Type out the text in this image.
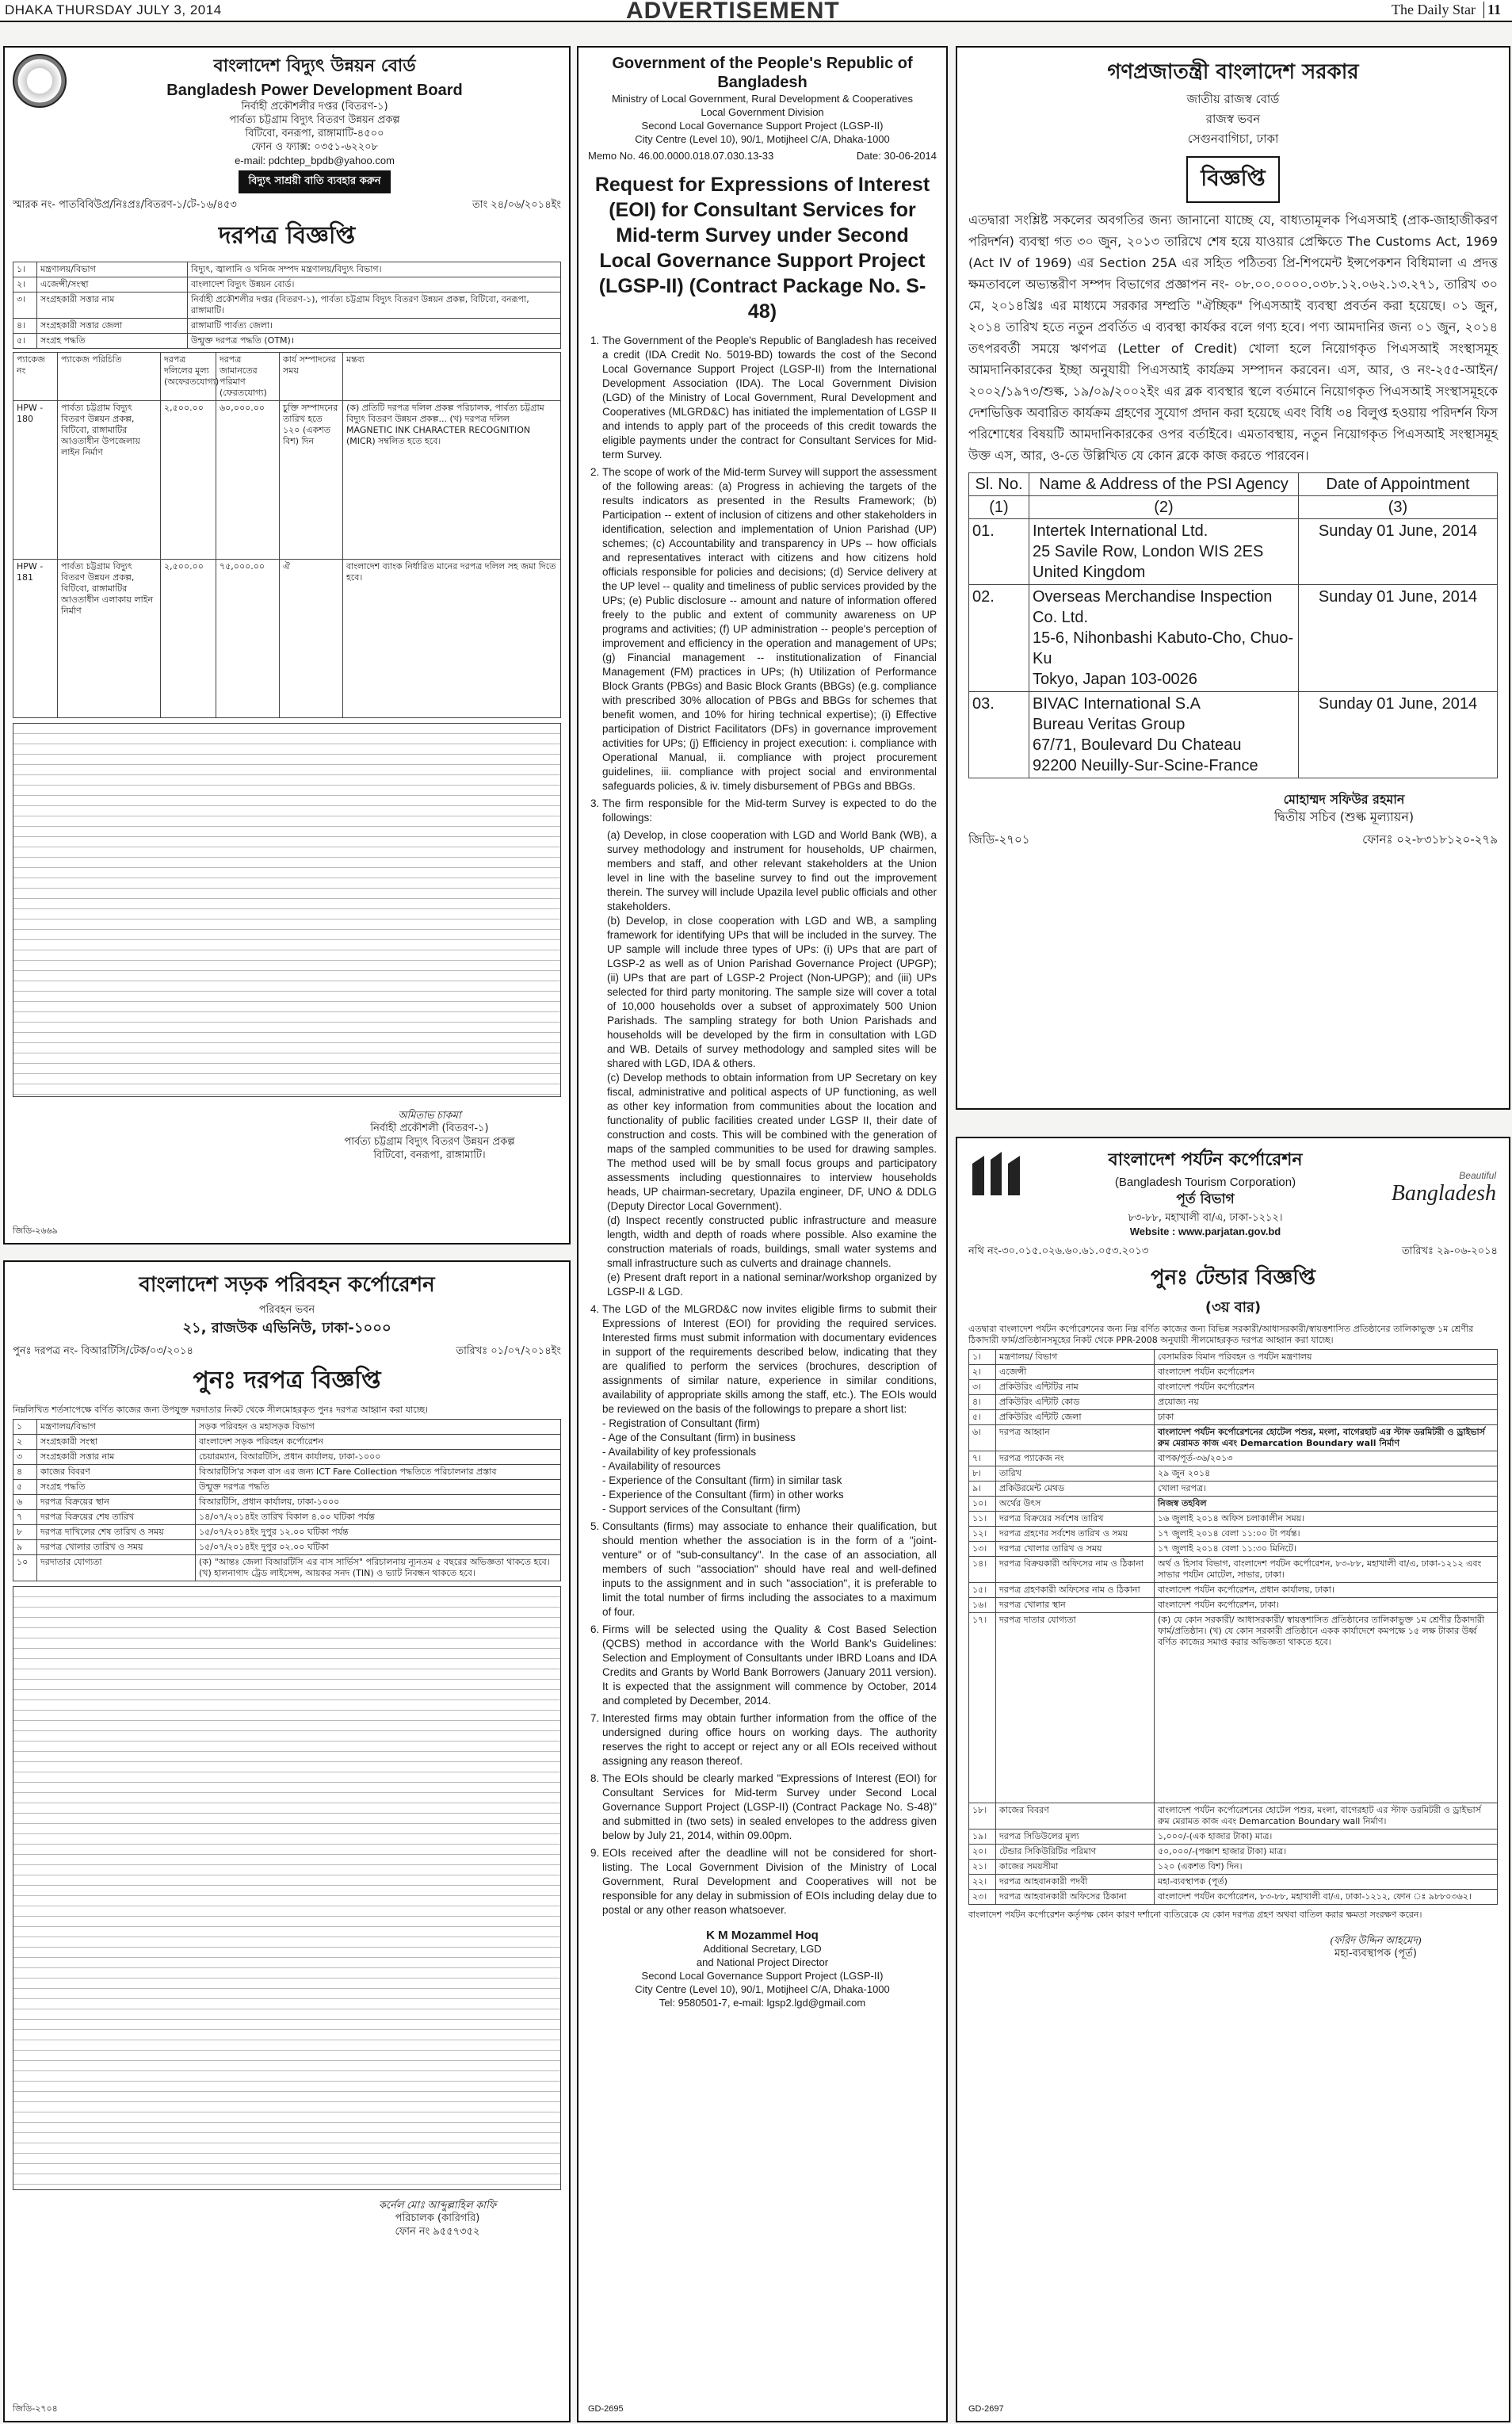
DHAKA THURSDAY JULY 3, 2014	ADVERTISEMENT	The Daily Star 11
বাংলাদেশ বিদ্যুৎ উন্নয়ন বোর্ড
Bangladesh Power Development Board
নির্বাহী প্রকৌশলীর দপ্তর (বিতরণ-১)
পার্বত্য চট্টগ্রাম বিদ্যুৎ বিতরণ উন্নয়ন প্রকল্প
বিটিবো, বনরূপা, রাঙ্গামাটি-৪৫০০
ফোন ও ফ্যাক্স: ০৩৫১-৬২২০৮
e-mail: pdchtep_bpdb@yahoo.com
বিদ্যুৎ সাশ্রয়ী বাতি ব্যবহার করুন
স্মারক নং- পাতবিবিউপ্র/নিঃপ্রঃ/বিতরণ-১/টে-১৬/৪৫৩	তাং ২৪/০৬/২০১৪ইং
দরপত্র বিজ্ঞপ্তি
১।	মন্ত্রণালয়/বিভাগ	বিদ্যুৎ, জ্বালানি ও খনিজ সম্পদ মন্ত্রণালয়/বিদ্যুৎ বিভাগ।
২।	এজেন্সী/সংস্থা	বাংলাদেশ বিদ্যুৎ উন্নয়ন বোর্ড।
৩।	সংগ্রহকারী সত্তার নাম	নির্বাহী প্রকৌশলীর দপ্তর (বিতরণ-১), পার্বত্য চট্টগ্রাম বিদ্যুৎ বিতরণ উন্নয়ন প্রকল্প, বিটিবো, বনরূপা, রাঙ্গামাটি।
৪।	সংগ্রহকারী সত্তার জেলা	রাঙ্গামাটি পার্বত্য জেলা।
৫।	সংগ্রহ পদ্ধতি	উন্মুক্ত দরপত্র পদ্ধতি (OTM)।
প্যাকেজ নং	প্যাকেজ পরিচিতি	দরপত্র দলিলের মূল্য (অফেরতযোগ্য)	দরপত্র জামানতের পরিমাণ (ফেরতযোগ্য)	কার্য সম্পাদনের সময়	মন্তব্য
HPW - 180	পার্বত্য চট্টগ্রাম বিদ্যুৎ বিতরণ উন্নয়ন প্রকল্প, বিটিবো, রাঙ্গামাটির আওতাধীন উপজেলায় লাইন নির্মাণ	২,৫০০.০০	৬০,০০০.০০	চুক্তি সম্পাদনের তারিখ হতে ১২০ (একশত বিশ) দিন	(ক) প্রতিটি দরপত্র দলিল প্রকল্প পরিচালক, পার্বত্য চট্টগ্রাম বিদ্যুৎ বিতরণ উন্নয়ন প্রকল্প... (খ) দরপত্র দলিল MAGNETIC INK CHARACTER RECOGNITION (MICR) সম্বলিত হতে হবে।
HPW - 181	পার্বত্য চট্টগ্রাম বিদ্যুৎ বিতরণ উন্নয়ন প্রকল্প, বিটিবো, রাঙ্গামাটির আওতাধীন এলাকায় লাইন নির্মাণ	২,৫০০.০০	৭৫,০০০.০০	ঐ	বাংলাদেশ ব্যাংক নির্ধারিত মানের দরপত্র দলিল সহ জমা দিতে হবে।
অমিতাভ চাকমা
নির্বাহী প্রকৌশলী (বিতরণ-১)
পার্বত্য চট্টগ্রাম বিদ্যুৎ বিতরণ উন্নয়ন প্রকল্প
বিটিবো, বনরূপা, রাঙ্গামাটি।
জিডি-২৬৬৯
বাংলাদেশ সড়ক পরিবহন কর্পোরেশন
পরিবহন ভবন
২১, রাজউক এভিনিউ, ঢাকা-১০০০
পুনঃ দরপত্র নং- বিআরটিসি/টেক/০৩/২০১৪	তারিখঃ ০১/০৭/২০১৪ইং
পুনঃ দরপত্র বিজ্ঞপ্তি
নিম্নলিখিত শর্তসাপেক্ষে বর্ণিত কাজের জন্য উপযুক্ত দরদাতার নিকট থেকে সীলমোহরকৃত পুনঃ দরপত্র আহ্বান করা যাচ্ছে।
১	মন্ত্রণালয়/বিভাগ	সড়ক পরিবহন ও মহাসড়ক বিভাগ
২	সংগ্রহকারী সংস্থা	বাংলাদেশ সড়ক পরিবহন কর্পোরেশন
৩	সংগ্রহকারী সত্তার নাম	চেয়ারম্যান, বিআরটিসি, প্রধান কার্যালয়, ঢাকা-১০০০
৪	কাজের বিবরণ	বিআরটিসি'র সকল বাস এর জন্য ICT Fare Collection পদ্ধতিতে পরিচালনার প্রস্তাব
৫	সংগ্রহ পদ্ধতি	উন্মুক্ত দরপত্র পদ্ধতি
৬	দরপত্র বিক্রয়ের স্থান	বিআরটিসি, প্রধান কার্যালয়, ঢাকা-১০০০
৭	দরপত্র বিক্রয়ের শেষ তারিখ	১৪/০৭/২০১৪ইং তারিখ বিকাল ৪.০০ ঘটিকা পর্যন্ত
৮	দরপত্র দাখিলের শেষ তারিখ ও সময়	১৫/০৭/২০১৪ইং দুপুর ১২.০০ ঘটিকা পর্যন্ত
৯	দরপত্র খোলার তারিখ ও সময়	১৫/০৭/২০১৪ইং দুপুর ০২.০০ ঘটিকা
১০	দরদাতার যোগ্যতা	(ক) "আন্তঃ জেলা বিআরটিসি এর বাস সার্ভিস" পরিচালনায় ন্যূনতম ৫ বছরের অভিজ্ঞতা থাকতে হবে। (খ) হালনাগাদ ট্রেড লাইসেন্স, আয়কর সনদ (TIN) ও ভ্যাট নিবন্ধন থাকতে হবে।
কর্নেল মোঃ আব্দুল্লাহিল কাফি
পরিচালক (কারিগরি)
ফোন নং ৯৫৫৭৩৫২
জিডি-২৭০৪
Government of the People's Republic of Bangladesh
Ministry of Local Government, Rural Development & Cooperatives
Local Government Division
Second Local Governance Support Project (LGSP-II)
City Centre (Level 10), 90/1, Motijheel C/A, Dhaka-1000
Memo No. 46.00.0000.018.07.030.13-33	Date: 30-06-2014
Request for Expressions of Interest (EOI) for Consultant Services for Mid-term Survey under Second Local Governance Support Project (LGSP-II) (Contract Package No. S-48)
1. The Government of the People's Republic of Bangladesh has received a credit (IDA Credit No. 5019-BD) towards the cost of the Second Local Governance Support Project (LGSP-II) from the International Development Association (IDA). The Local Government Division (LGD) of the Ministry of Local Government, Rural Development and Cooperatives (MLGRD&C) has initiated the implementation of LGSP II and intends to apply part of the proceeds of this credit towards the eligible payments under the contract for Consultant Services for Mid-term Survey.
2. The scope of work of the Mid-term Survey will support the assessment of the following areas: (a) Progress in achieving the targets of the results indicators as presented in the Results Framework; (b) Participation -- extent of inclusion of citizens and other stakeholders in identification, selection and implementation of Union Parishad (UP) schemes; (c) Accountability and transparency in UPs -- how officials and representatives interact with citizens and how citizens hold officials responsible for policies and decisions; (d) Service delivery at the UP level -- quality and timeliness of public services provided by the UPs; (e) Public disclosure -- amount and nature of information offered freely to the public and extent of community awareness on UP programs and activities; (f) UP administration -- people's perception of improvement and efficiency in the operation and management of UPs; (g) Financial management -- institutionalization of Financial Management (FM) practices in UPs; (h) Utilization of Performance Block Grants (PBGs) and Basic Block Grants (BBGs) (e.g. compliance with prescribed 30% allocation of PBGs and BBGs for schemes that benefit women, and 10% for hiring technical expertise); (i) Effective participation of District Facilitators (DFs) in governance improvement activities for UPs; (j) Efficiency in project execution: i. compliance with Operational Manual, ii. compliance with project procurement guidelines, iii. compliance with project social and environmental safeguards policies, & iv. timely disbursement of PBGs and BBGs.
3. The firm responsible for the Mid-term Survey is expected to do the followings:
(a) Develop, in close cooperation with LGD and World Bank (WB), a survey methodology and instrument for households, UP chairmen, members and staff, and other relevant stakeholders at the Union level in line with the baseline survey to find out the improvement therein. The survey will include Upazila level public officials and other stakeholders.
(b) Develop, in close cooperation with LGD and WB, a sampling framework for identifying UPs that will be included in the survey. The UP sample will include three types of UPs: (i) UPs that are part of LGSP-2 as well as of Union Parishad Governance Project (UPGP); (ii) UPs that are part of LGSP-2 Project (Non-UPGP); and (iii) UPs selected for third party monitoring. The sample size will cover a total of 10,000 households over a subset of approximately 500 Union Parishads. The sampling strategy for both Union Parishads and households will be developed by the firm in consultation with LGD and WB. Details of survey methodology and sampled sites will be shared with LGD, IDA & others.
(c) Develop methods to obtain information from UP Secretary on key fiscal, administrative and political aspects of UP functioning, as well as other key information from communities about the location and functionality of public facilities created under LGSP II, their date of construction and costs. This will be combined with the generation of maps of the sampled communities to be used for drawing samples. The method used will be by small focus groups and participatory assessments including questionnaires to interview households heads, UP chairman-secretary, Upazila engineer, DF, UNO & DDLG (Deputy Director Local Government).
(d) Inspect recently constructed public infrastructure and measure length, width and depth of roads where possible. Also examine the construction materials of roads, buildings, small water systems and small infrastructure such as culverts and drainage channels.
(e) Present draft report in a national seminar/workshop organized by LGSP-II & LGD.
4. The LGD of the MLGRD&C now invites eligible firms to submit their Expressions of Interest (EOI) for providing the required services. Interested firms must submit information with documentary evidences in support of the requirements described below, indicating that they are qualified to perform the services (brochures, description of assignments of similar nature, experience in similar conditions, availability of appropriate skills among the staff, etc.). The EOIs would be reviewed on the basis of the followings to prepare a short list:
- Registration of Consultant (firm)
- Age of the Consultant (firm) in business
- Availability of key professionals
- Availability of resources
- Experience of the Consultant (firm) in similar task
- Experience of the Consultant (firm) in other works
- Support services of the Consultant (firm)
5. Consultants (firms) may associate to enhance their qualification, but should mention whether the association is in the form of a "joint-venture" or of "sub-consultancy". In the case of an association, all members of such "association" should have real and well-defined inputs to the assignment and in such "association", it is preferable to limit the total number of firms including the associates to a maximum of four.
6. Firms will be selected using the Quality & Cost Based Selection (QCBS) method in accordance with the World Bank's Guidelines: Selection and Employment of Consultants under IBRD Loans and IDA Credits and Grants by World Bank Borrowers (January 2011 version). It is expected that the assignment will commence by October, 2014 and completed by December, 2014.
7. Interested firms may obtain further information from the office of the undersigned during office hours on working days. The authority reserves the right to accept or reject any or all EOIs received without assigning any reason thereof.
8. The EOIs should be clearly marked "Expressions of Interest (EOI) for Consultant Services for Mid-term Survey under Second Local Governance Support Project (LGSP-II) (Contract Package No. S-48)" and submitted in (two sets) in sealed envelopes to the address given below by July 21, 2014, within 09.00pm.
9. EOIs received after the deadline will not be considered for short-listing. The Local Government Division of the Ministry of Local Government, Rural Development and Cooperatives will not be responsible for any delay in submission of EOIs including delay due to postal or any other reason whatsoever.
K M Mozammel Hoq
Additional Secretary, LGD
and National Project Director
Second Local Governance Support Project (LGSP-II)
City Centre (Level 10), 90/1, Motijheel C/A, Dhaka-1000
Tel: 9580501-7, e-mail: lgsp2.lgd@gmail.com
GD-2695
গণপ্রজাতন্ত্রী বাংলাদেশ সরকার
জাতীয় রাজস্ব বোর্ড
রাজস্ব ভবন
সেগুনবাগিচা, ঢাকা
বিজ্ঞপ্তি
এতদ্বারা সংশ্লিষ্ট সকলের অবগতির জন্য জানানো যাচ্ছে যে, বাধ্যতামূলক পিএসআই (প্রাক-জাহাজীকরণ পরিদর্শন) ব্যবস্থা গত ৩০ জুন, ২০১৩ তারিখে শেষ হয়ে যাওয়ার প্রেক্ষিতে The Customs Act, 1969 (Act IV of 1969) এর Section 25A এর সহিত পঠিতব্য প্রি-শিপমেন্ট ইন্সপেকশন বিধিমালা এ প্রদত্ত ক্ষমতাবলে অভ্যন্তরীণ সম্পদ বিভাগের প্রজ্ঞাপন নং- ০৮.০০.০০০০.০৩৮.১২.০৬২.১৩.২৭১, তারিখ ৩০ মে, ২০১৪খ্রিঃ এর মাধ্যমে সরকার সম্প্রতি "ঐচ্ছিক" পিএসআই ব্যবস্থা প্রবর্তন করা হয়েছে। ০১ জুন, ২০১৪ তারিখ হতে নতুন প্রবর্তিত এ ব্যবস্থা কার্যকর বলে গণ্য হবে। পণ্য আমদানির জন্য ০১ জুন, ২০১৪ তৎপরবর্তী সময়ে ঋণপত্র (Letter of Credit) খোলা হলে নিয়োগকৃত পিএসআই সংস্থাসমূহ আমদানিকারকের ইচ্ছা অনুযায়ী পিএসআই কার্যক্রম সম্পাদন করবেন। এস, আর, ও নং-২৫৫-আইন/২০০২/১৯৭৩/শুল্ক, ১৯/০৯/২০০২ইং এর ব্লক ব্যবস্থার স্থলে বর্তমানে নিয়োগকৃত পিএসআই সংস্থাসমূহকে দেশভিত্তিক অবারিত কার্যক্রম গ্রহণের সুযোগ প্রদান করা হয়েছে এবং বিধি ৩৪ বিলুপ্ত হওয়ায় পরিদর্শন ফিস পরিশোধের বিষয়টি আমদানিকারকের ওপর বর্তাইবে। এমতাবস্থায়, নতুন নিয়োগকৃত পিএসআই সংস্থাসমূহ উক্ত এস, আর, ও-তে উল্লিখিত যে কোন ব্লকে কাজ করতে পারবেন।
Sl. No.	Name & Address of the PSI Agency	Date of Appointment
(1)	(2)	(3)
01.	Intertek International Ltd.
25 Savile Row, London WIS 2ES
United Kingdom	Sunday 01 June, 2014
02.	Overseas Merchandise Inspection Co. Ltd.
15-6, Nihonbashi Kabuto-Cho, Chuo-Ku
Tokyo, Japan 103-0026	Sunday 01 June, 2014
03.	BIVAC International S.A
Bureau Veritas Group
67/71, Boulevard Du Chateau
92200 Neuilly-Sur-Scine-France	Sunday 01 June, 2014
মোহাম্মদ সফিউর রহমান
দ্বিতীয় সচিব (শুল্ক মূল্যায়ন)
জিডি-২৭০১	ফোনঃ ০২-৮৩১৮১২০-২৭৯
Beautiful
Bangladesh
বাংলাদেশ পর্যটন কর্পোরেশন
(Bangladesh Tourism Corporation)
পূর্ত বিভাগ
৮৩-৮৮, মহাখালী বা/এ, ঢাকা-১২১২।
Website : www.parjatan.gov.bd
নথি নং-৩০.০১৫.০২৬.৬০.৬১.০৫৩.২০১৩	তারিখঃ ২৯-০৬-২০১৪
পুনঃ টেন্ডার বিজ্ঞপ্তি
(৩য় বার)
এতদ্বারা বাংলাদেশ পর্যটন কর্পোরেশনের জন্য নিম্ন বর্ণিত কাজের জন্য বিভিন্ন সরকারী/আধাসরকারী/স্বায়ত্তশাসিত প্রতিষ্ঠানের তালিকাভুক্ত ১ম শ্রেণীর ঠিকাদারী ফার্ম/প্রতিষ্ঠানসমূহের নিকট থেকে PPR-2008 অনুযায়ী সীলমোহরকৃত দরপত্র আহ্বান করা যাচ্ছে।
১।	মন্ত্রণালয়/ বিভাগ	বেসামরিক বিমান পরিবহন ও পর্যটন মন্ত্রণালয়
২।	এজেন্সী	বাংলাদেশ পর্যটন কর্পোরেশন
৩।	প্রকিউরিং এন্টিটির নাম	বাংলাদেশ পর্যটন কর্পোরেশন
৪।	প্রকিউরিং এন্টিটি কোড	প্রযোজ্য নয়
৫।	প্রকিউরিং এন্টিটি জেলা	ঢাকা
৬।	দরপত্র আহ্বান	বাংলাদেশ পর্যটন কর্পোরেশনের হোটেল পশুর, মংলা, বাগেরহাট এর স্টাফ ডরমিটরী ও ড্রাইভার্স রুম মেরামত কাজ এবং Demarcation Boundary wall নির্মাণ
৭।	দরপত্র প্যাকেজ নং	বাপক/পূর্ত-৩৬/২০১৩
৮।	তারিখ	২৯ জুন ২০১৪
৯।	প্রকিউরমেন্ট মেথড	খোলা দরপত্র।
১০।	অর্থের উৎস	নিজস্ব তহবিল
১১।	দরপত্র বিক্রয়ের সর্বশেষ তারিখ	১৬ জুলাই ২০১৪ অফিস চলাকালীন সময়।
১২।	দরপত্র গ্রহণের সর্বশেষ তারিখ ও সময়	১৭ জুলাই ২০১৪ বেলা ১১:০০ টা পর্যন্ত।
১৩।	দরপত্র খোলার তারিখ ও সময়	১৭ জুলাই ২০১৪ বেলা ১১:৩০ মিনিটে।
১৪।	দরপত্র বিক্রয়কারী অফিসের নাম ও ঠিকানা	অর্থ ও হিসাব বিভাগ, বাংলাদেশ পর্যটন কর্পোরেশন, ৮৩-৮৮, মহাখালী বা/এ, ঢাকা-১২১২ এবং সাভার পর্যটন মোটেল, সাভার, ঢাকা।
১৫।	দরপত্র গ্রহণকারী অফিসের নাম ও ঠিকানা	বাংলাদেশ পর্যটন কর্পোরেশন, প্রধান কার্যালয়, ঢাকা।
১৬।	দরপত্র খোলার স্থান	বাংলাদেশ পর্যটন কর্পোরেশন, ঢাকা।
১৭।	দরপত্র দাতার যোগ্যতা	(ক) যে কোন সরকারী/ আধাসরকারী/ স্বায়ত্তশাসিত প্রতিষ্ঠানের তালিকাভুক্ত ১ম শ্রেণীর ঠিকাদারী ফার্ম/প্রতিষ্ঠান। (খ) যে কোন সরকারী প্রতিষ্ঠানে একক কার্যাদেশে কমপক্ষে ১৫ লক্ষ টাকার উর্ধ্ব বর্ণিত কাজের সমাপ্ত করার অভিজ্ঞতা থাকতে হবে।
১৮।	কাজের বিবরণ	বাংলাদেশ পর্যটন কর্পোরেশনের হোটেল পশুর, মংলা, বাগেরহাট এর স্টাফ ডরমিটরী ও ড্রাইভার্স রুম মেরামত কাজ এবং Demarcation Boundary wall নির্মাণ।
১৯।	দরপত্র সিডিউলের মূল্য	১,০০০/-(এক হাজার টাকা) মাত্র।
২০।	টেন্ডার সিকিউরিটির পরিমাণ	৫০,০০০/-(পঞ্চাশ হাজার টাকা) মাত্র।
২১।	কাজের সময়সীমা	১২০ (একশত বিশ) দিন।
২২।	দরপত্র আহবানকারী পদবী	মহা-ব্যবস্থাপক (পূর্ত)
২৩।	দরপত্র আহবানকারী অফিসের ঠিকানা	বাংলাদেশ পর্যটন কর্পোরেশন, ৮৩-৮৮, মহাখালী বা/এ, ঢাকা-১২১২, ফোন ঃ ৯৮৮০৩৬২।
বাংলাদেশ পর্যটন কর্পোরেশন কর্তৃপক্ষ কোন কারণ দর্শানো ব্যতিরেকে যে কোন দরপত্র গ্রহণ অথবা বাতিল করার ক্ষমতা সংরক্ষণ করেন।
(ফরিদ উদ্দিন আহমেদ)
মহা-ব্যবস্থাপক (পূর্ত)
GD-2697
